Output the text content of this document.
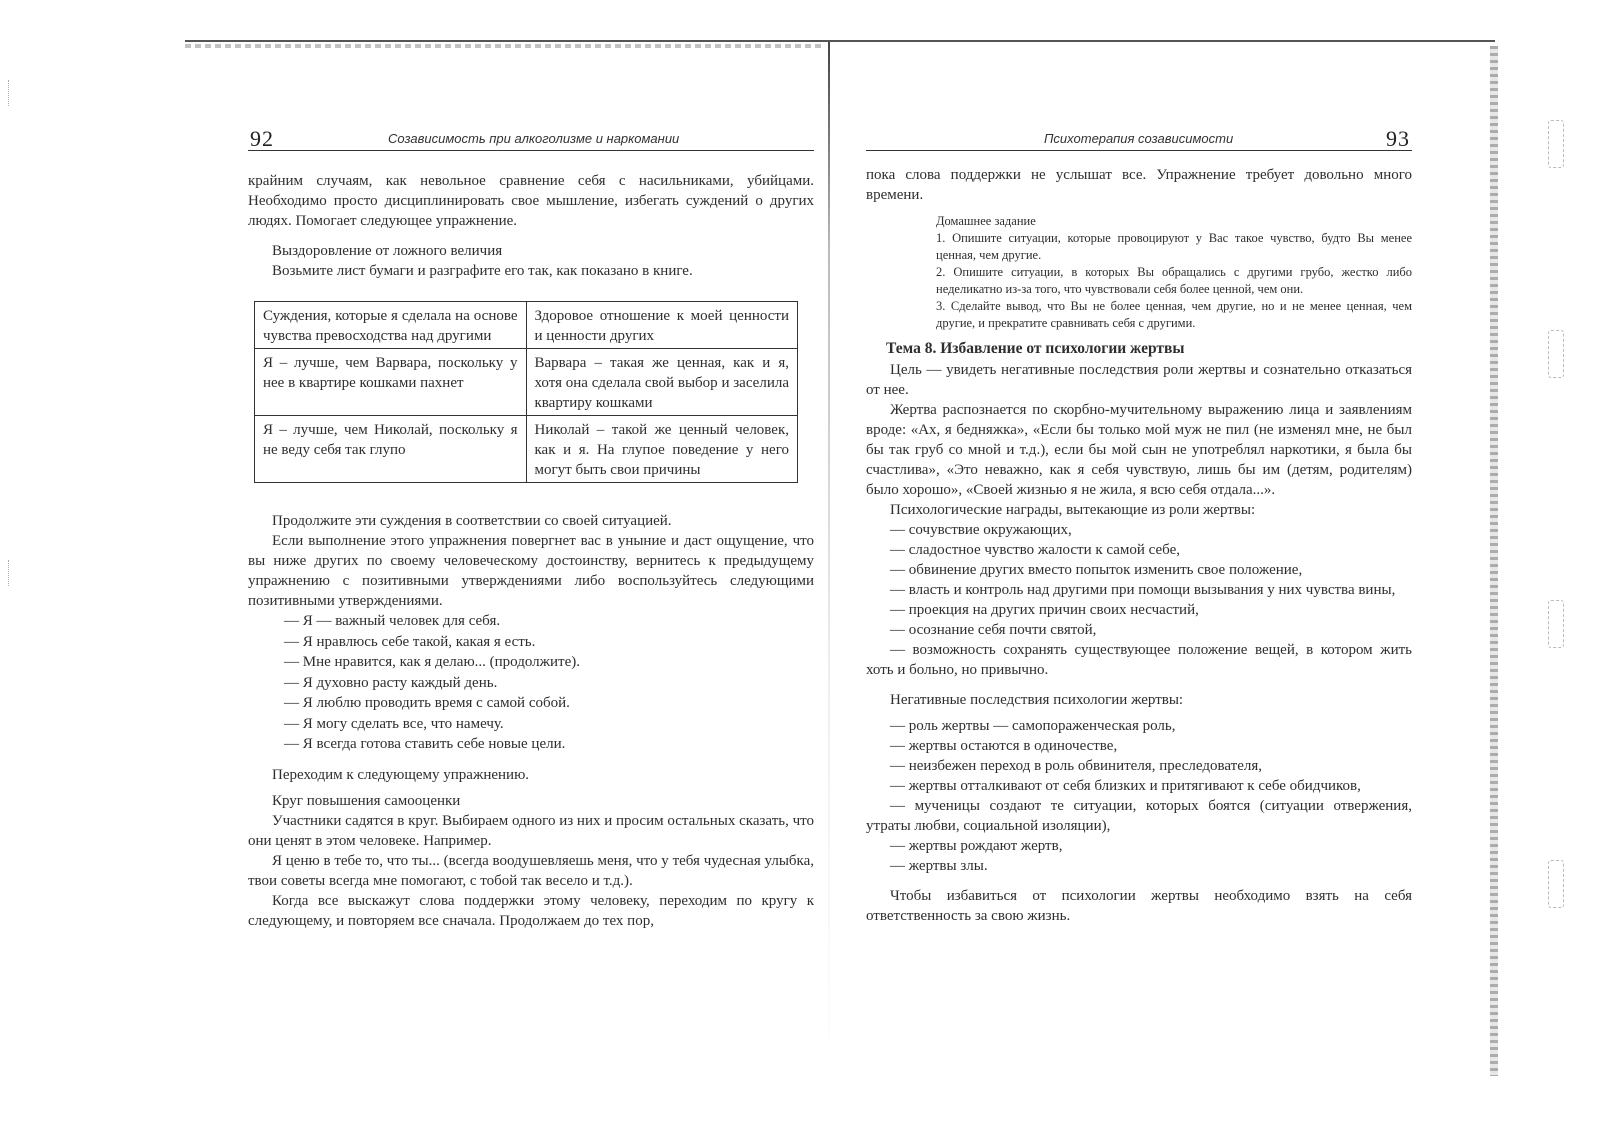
92	Созависимость при алкоголизме и наркомании

крайним случаям, как невольное сравнение себя с насильниками, убийцами. Необходимо просто дисциплинировать свое мышление, избегать суждений о других людях. Помогает следующее упражнение.

Выздоровление от ложного величия

Возьмите лист бумаги и разграфите его так, как показано в книге.

Суждения, которые я сделала на основе чувства превосходства над другими	Здоровое отношение к моей ценности и ценности других
Я – лучше, чем Варвара, поскольку у нее в квартире кошками пахнет	Варвара – такая же ценная, как и я, хотя она сделала свой выбор и заселила квартиру кошками
Я – лучше, чем Николай, поскольку я не веду себя так глупо	Николай – такой же ценный человек, как и я. На глупое поведение у него могут быть свои причины

Продолжите эти суждения в соответствии со своей ситуацией.

Если выполнение этого упражнения повергнет вас в уныние и даст ощущение, что вы ниже других по своему человеческому достоинству, вернитесь к предыдущему упражнению с позитивными утверждениями либо воспользуйтесь следующими позитивными утверждениями.

— Я — важный человек для себя.

— Я нравлюсь себе такой, какая я есть.

— Мне нравится, как я делаю... (продолжите).

— Я духовно расту каждый день.

— Я люблю проводить время с самой собой.

— Я могу сделать все, что намечу.

— Я всегда готова ставить себе новые цели.

Переходим к следующему упражнению.

Круг повышения самооценки

Участники садятся в круг. Выбираем одного из них и просим остальных сказать, что они ценят в этом человеке. Например.

Я ценю в тебе то, что ты... (всегда воодушевляешь меня, что у тебя чудесная улыбка, твои советы всегда мне помогают, с тобой так весело и т.д.).

Когда все выскажут слова поддержки этому человеку, переходим по кругу к следующему, и повторяем все сначала. Продолжаем до тех пор,

Психотерапия созависимости	93

пока слова поддержки не услышат все. Упражнение требует довольно много времени.

Домашнее задание

1. Опишите ситуации, которые провоцируют у Вас такое чувство, будто Вы менее ценная, чем другие.

2. Опишите ситуации, в которых Вы обращались с другими грубо, жестко либо неделикатно из-за того, что чувствовали себя более ценной, чем они.

3. Сделайте вывод, что Вы не более ценная, чем другие, но и не менее ценная, чем другие, и прекратите сравнивать себя с другими.

Тема 8. Избавление от психологии жертвы

Цель — увидеть негативные последствия роли жертвы и сознательно отказаться от нее.

Жертва распознается по скорбно-мучительному выражению лица и заявлениям вроде: «Ах, я бедняжка», «Если бы только мой муж не пил (не изменял мне, не был бы так груб со мной и т.д.), если бы мой сын не употреблял наркотики, я была бы счастлива», «Это неважно, как я себя чувствую, лишь бы им (детям, родителям) было хорошо», «Своей жизнью я не жила, я всю себя отдала...».

Психологические награды, вытекающие из роли жертвы:

— сочувствие окружающих,

— сладостное чувство жалости к самой себе,

— обвинение других вместо попыток изменить свое положение,

— власть и контроль над другими при помощи вызывания у них чувства вины,

— проекция на других причин своих несчастий,

— осознание себя почти святой,

— возможность сохранять существующее положение вещей, в котором жить хоть и больно, но привычно.

Негативные последствия психологии жертвы:

— роль жертвы — самопораженческая роль,

— жертвы остаются в одиночестве,

— неизбежен переход в роль обвинителя, преследователя,

— жертвы отталкивают от себя близких и притягивают к себе обидчиков,

— мученицы создают те ситуации, которых боятся (ситуации отвержения, утраты любви, социальной изоляции),

— жертвы рождают жертв,

— жертвы злы.

Чтобы избавиться от психологии жертвы необходимо взять на себя ответственность за свою жизнь.
